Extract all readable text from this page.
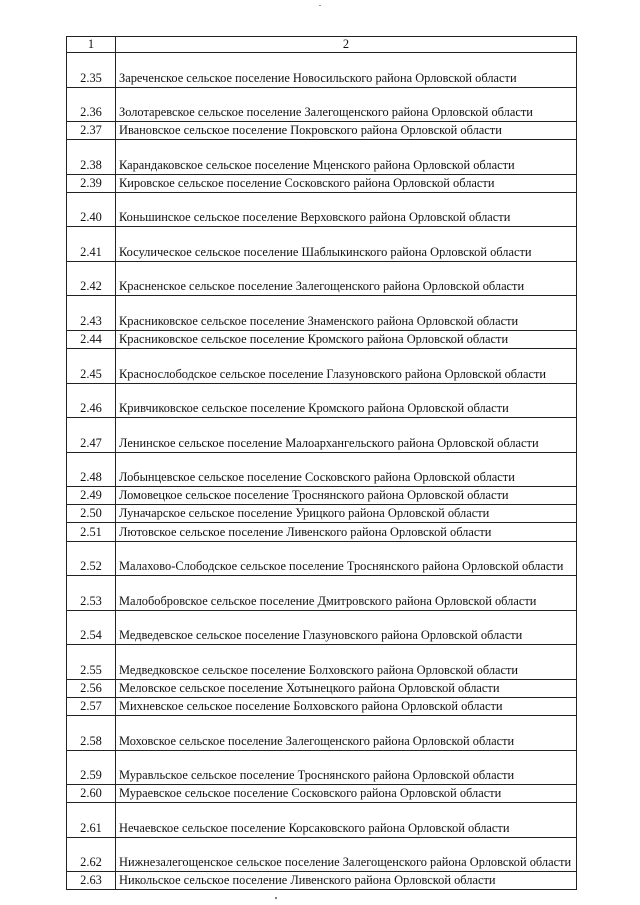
1	2
2.35	Зареченское сельское поселение Новосильского района Орловской области
2.36	Золотаревское сельское поселение Залегощенского района Орловской области
2.37	Ивановское сельское поселение Покровского района Орловской области
2.38	Карандаковское сельское поселение Мценского района Орловской области
2.39	Кировское сельское поселение Сосковского района Орловской области
2.40	Коньшинское сельское поселение Верховского района Орловской области
2.41	Косулическое сельское поселение Шаблыкинского района Орловской области
2.42	Красненское сельское поселение Залегощенского района Орловской области
2.43	Красниковское сельское поселение Знаменского района Орловской области
2.44	Красниковское сельское поселение Кромского района Орловской области
2.45	Краснослободское сельское поселение Глазуновского района Орловской области
2.46	Кривчиковское сельское поселение Кромского района Орловской области
2.47	Ленинское сельское поселение Малоархангельского района Орловской области
2.48	Лобынцевское сельское поселение Сосковского района Орловской области
2.49	Ломовецкое сельское поселение Троснянского района Орловской области
2.50	Луначарское сельское поселение Урицкого района Орловской области
2.51	Лютовское сельское поселение Ливенского района Орловской области
2.52	Малахово-Слободское сельское поселение Троснянского района Орловской области
2.53	Малобобровское сельское поселение Дмитровского района Орловской области
2.54	Медведевское сельское поселение Глазуновского района Орловской области
2.55	Медведковское сельское поселение Болховского района Орловской области
2.56	Меловское сельское поселение Хотынецкого района Орловской области
2.57	Михневское сельское поселение Болховского района Орловской области
2.58	Моховское сельское поселение Залегощенского района Орловской области
2.59	Муравльское сельское поселение Троснянского района Орловской области
2.60	Мураевское сельское поселение Сосковского района Орловской области
2.61	Нечаевское сельское поселение Корсаковского района Орловской области
2.62	Нижнезалегощенское сельское поселение Залегощенского района Орловской области
2.63	Никольское сельское поселение Ливенского района Орловской области
